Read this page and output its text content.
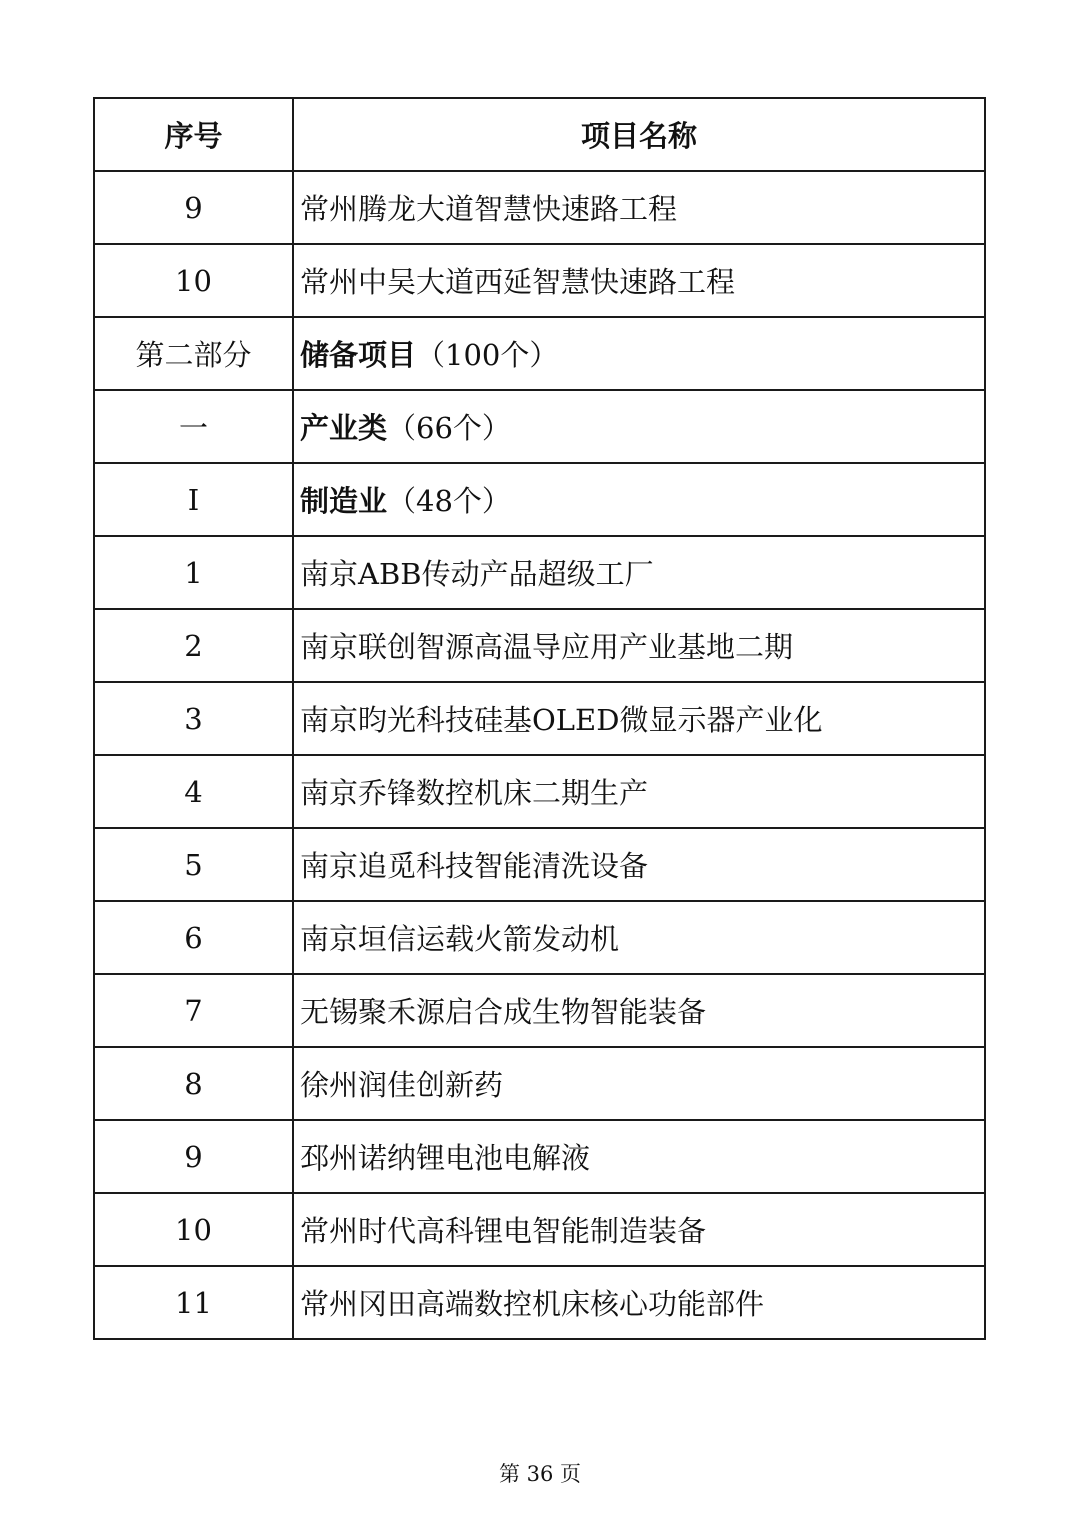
序号	项目名称
9	常州腾龙大道智慧快速路工程
10	常州中吴大道西延智慧快速路工程
第二部分	储备项目（100个）
一	产业类（66个）
I	制造业（48个）
1	南京ABB传动产品超级工厂
2	南京联创智源高温导应用产业基地二期
3	南京昀光科技硅基OLED微显示器产业化
4	南京乔锋数控机床二期生产
5	南京追觅科技智能清洗设备
6	南京垣信运载火箭发动机
7	无锡聚禾源启合成生物智能装备
8	徐州润佳创新药
9	邳州诺纳锂电池电解液
10	常州时代高科锂电智能制造装备
11	常州冈田高端数控机床核心功能部件
第 36 页
